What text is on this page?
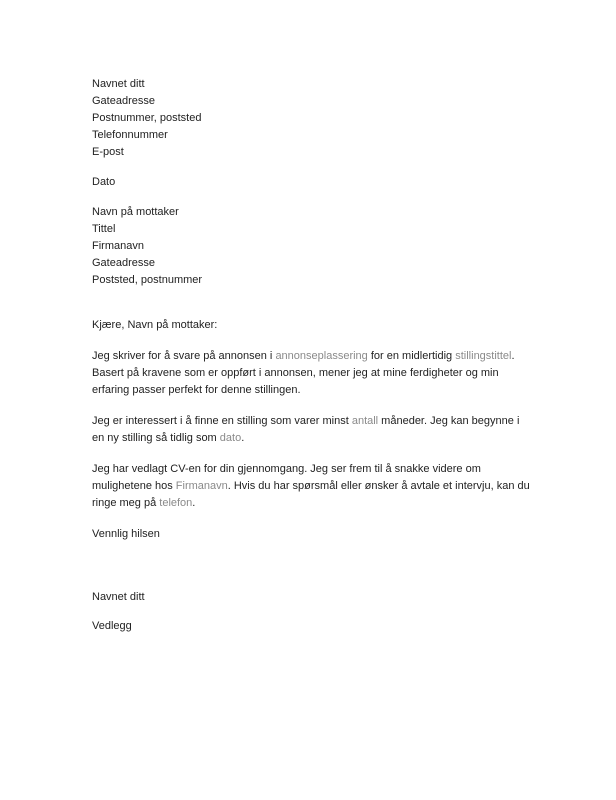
Navnet ditt
Gateadresse
Postnummer, poststed
Telefonnummer
E-post
Dato
Navn på mottaker
Tittel
Firmanavn
Gateadresse
Poststed, postnummer
Kjære, Navn på mottaker:
Jeg skriver for å svare på annonsen i annonseplassering for en midlertidig stillingstittel. Basert på kravene som er oppført i annonsen, mener jeg at mine ferdigheter og min erfaring passer perfekt for denne stillingen.
Jeg er interessert i å finne en stilling som varer minst antall måneder. Jeg kan begynne i en ny stilling så tidlig som dato.
Jeg har vedlagt CV-en for din gjennomgang. Jeg ser frem til å snakke videre om mulighetene hos Firmanavn. Hvis du har spørsmål eller ønsker å avtale et intervju, kan du ringe meg på telefon.
Vennlig hilsen
Navnet ditt
Vedlegg
